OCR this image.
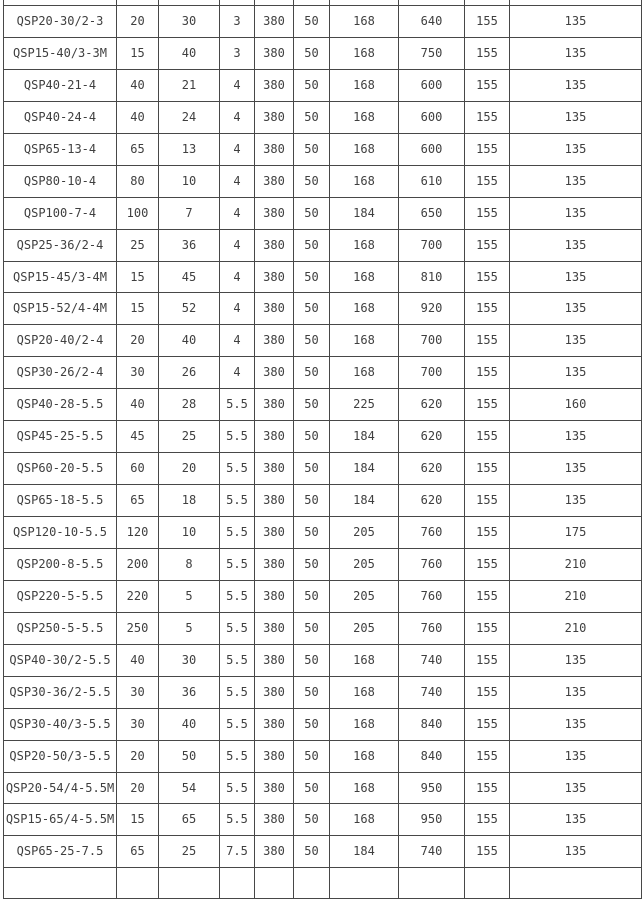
QSP20-30/2-3	20	30	3	380	50	168	640	155	135
QSP15-40/3-3M	15	40	3	380	50	168	750	155	135
QSP40-21-4	40	21	4	380	50	168	600	155	135
QSP40-24-4	40	24	4	380	50	168	600	155	135
QSP65-13-4	65	13	4	380	50	168	600	155	135
QSP80-10-4	80	10	4	380	50	168	610	155	135
QSP100-7-4	100	7	4	380	50	184	650	155	135
QSP25-36/2-4	25	36	4	380	50	168	700	155	135
QSP15-45/3-4M	15	45	4	380	50	168	810	155	135
QSP15-52/4-4M	15	52	4	380	50	168	920	155	135
QSP20-40/2-4	20	40	4	380	50	168	700	155	135
QSP30-26/2-4	30	26	4	380	50	168	700	155	135
QSP40-28-5.5	40	28	5.5	380	50	225	620	155	160
QSP45-25-5.5	45	25	5.5	380	50	184	620	155	135
QSP60-20-5.5	60	20	5.5	380	50	184	620	155	135
QSP65-18-5.5	65	18	5.5	380	50	184	620	155	135
QSP120-10-5.5	120	10	5.5	380	50	205	760	155	175
QSP200-8-5.5	200	8	5.5	380	50	205	760	155	210
QSP220-5-5.5	220	5	5.5	380	50	205	760	155	210
QSP250-5-5.5	250	5	5.5	380	50	205	760	155	210
QSP40-30/2-5.5	40	30	5.5	380	50	168	740	155	135
QSP30-36/2-5.5	30	36	5.5	380	50	168	740	155	135
QSP30-40/3-5.5	30	40	5.5	380	50	168	840	155	135
QSP20-50/3-5.5	20	50	5.5	380	50	168	840	155	135
QSP20-54/4-5.5M	20	54	5.5	380	50	168	950	155	135
QSP15-65/4-5.5M	15	65	5.5	380	50	168	950	155	135
QSP65-25-7.5	65	25	7.5	380	50	184	740	155	135
